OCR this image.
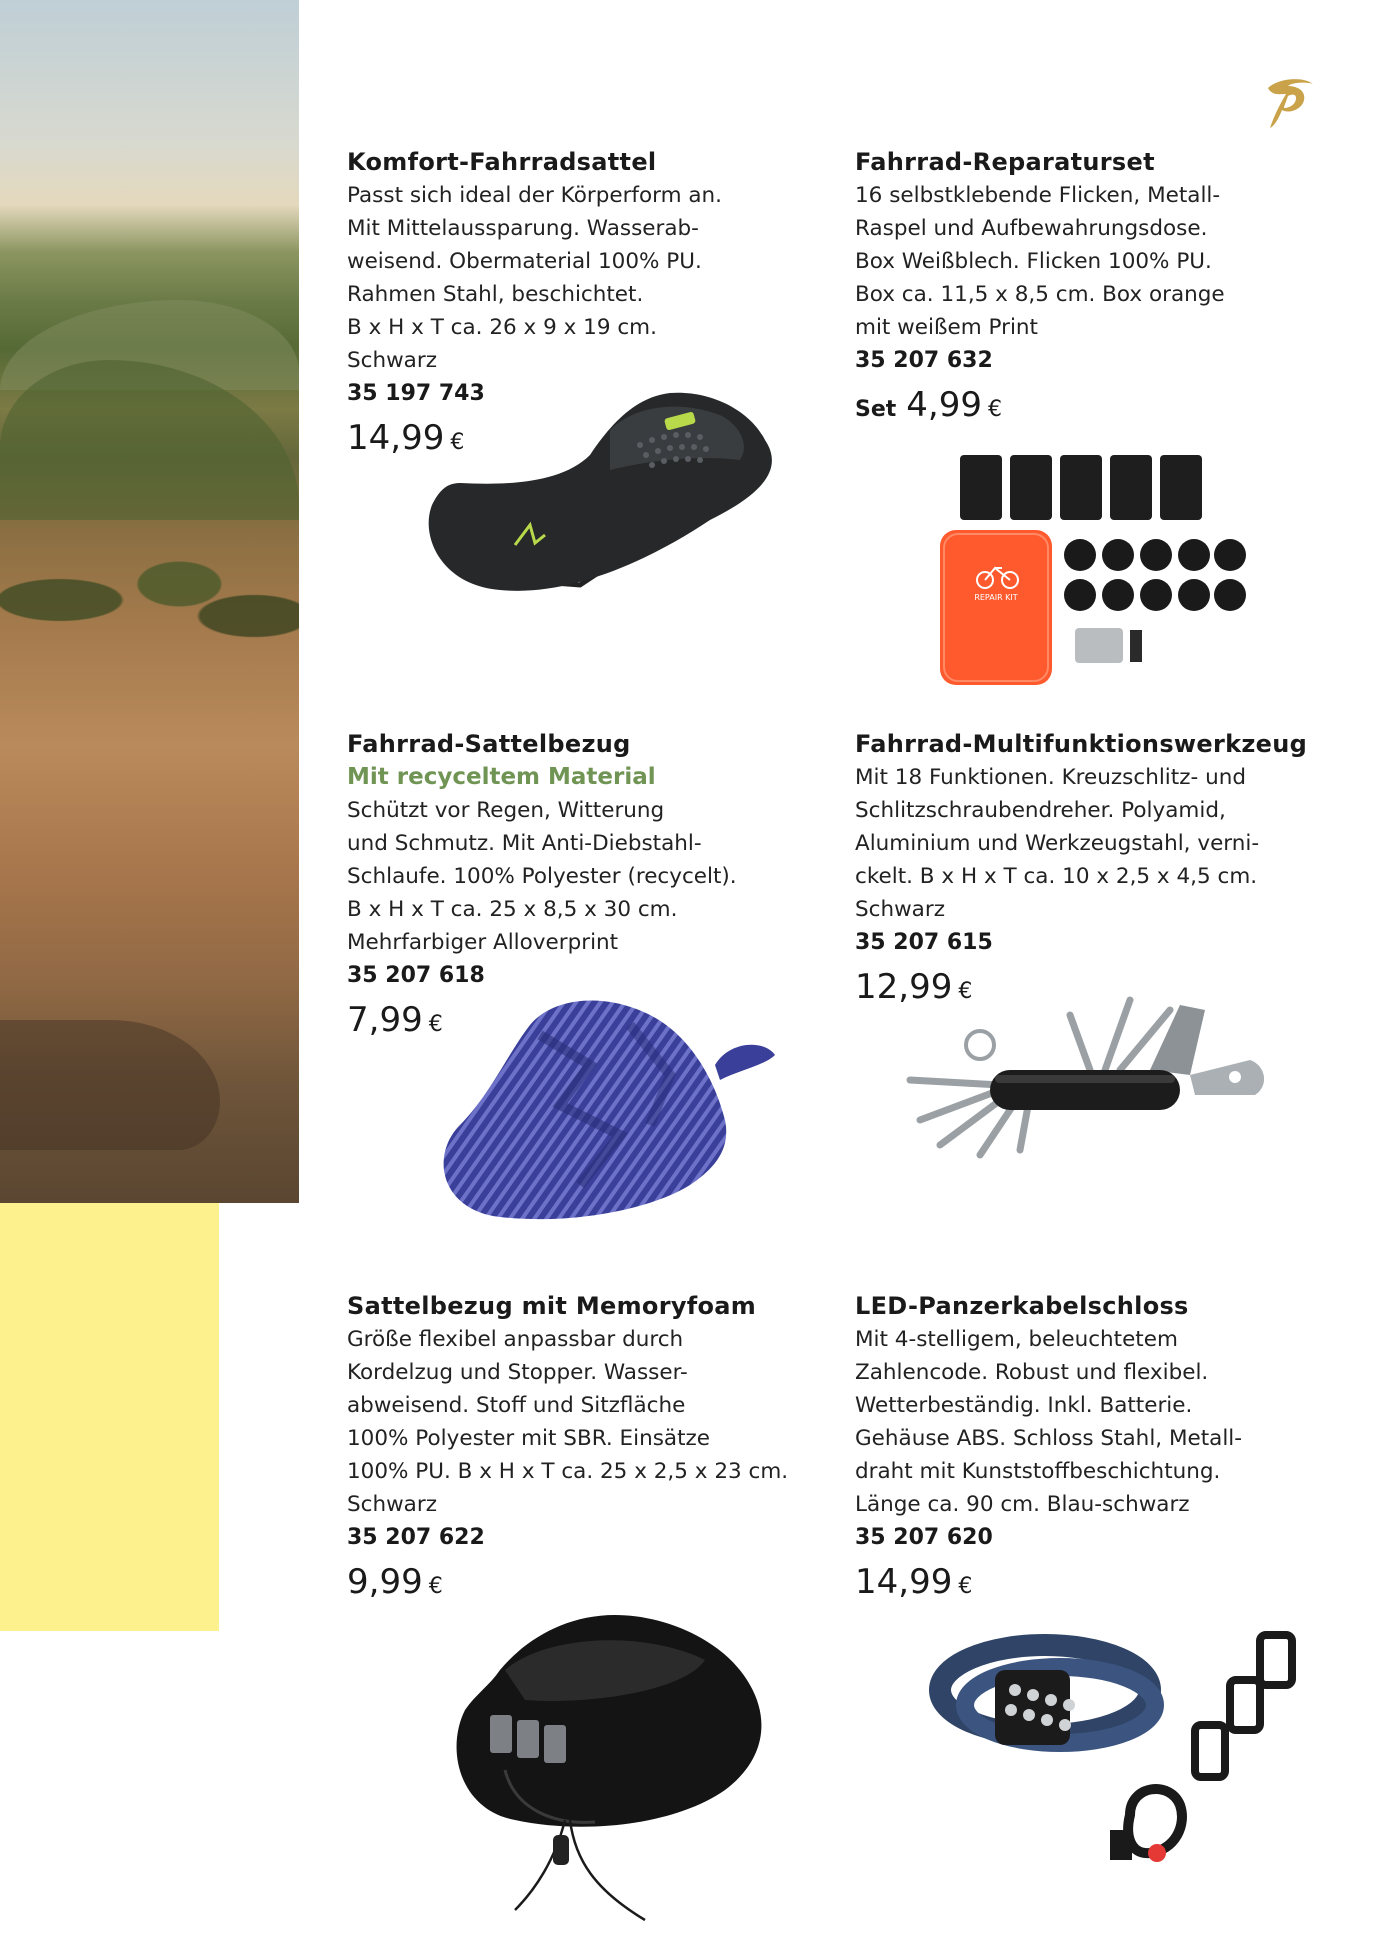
Komfort-Fahrradsattel
Passt sich ideal der Körperform an.
Mit Mittelaussparung. Wasserab-
weisend. Obermaterial 100% PU.
Rahmen Stahl, beschichtet.
B x H x T ca. 26 x 9 x 19 cm.
Schwarz
35 197 743
14,99 €
Fahrrad-Reparaturset
16 selbstklebende Flicken, Metall-
Raspel und Aufbewahrungsdose.
Box Weißblech. Flicken 100% PU.
Box ca. 11,5 x 8,5 cm. Box orange
mit weißem Print
35 207 632
Set 4,99 €
REPAIR KIT
Fahrrad-Sattelbezug
Mit recyceltem Material
Schützt vor Regen, Witterung
und Schmutz. Mit Anti-Diebstahl-
Schlaufe. 100% Polyester (recycelt).
B x H x T ca. 25 x 8,5 x 30 cm.
Mehrfarbiger Alloverprint
35 207 618
7,99 €
Fahrrad-Multifunktionswerkzeug
Mit 18 Funktionen. Kreuzschlitz- und
Schlitzschraubendreher. Polyamid,
Aluminium und Werkzeugstahl, verni-
ckelt. B x H x T ca. 10 x 2,5 x 4,5 cm.
Schwarz
35 207 615
12,99 €
Sattelbezug mit Memoryfoam
Größe flexibel anpassbar durch
Kordelzug und Stopper. Wasser-
abweisend. Stoff und Sitzfläche
100% Polyester mit SBR. Einsätze
100% PU. B x H x T ca. 25 x 2,5 x 23 cm.
Schwarz
35 207 622
9,99 €
LED-Panzerkabelschloss
Mit 4-stelligem, beleuchtetem
Zahlencode. Robust und flexibel.
Wetterbeständig. Inkl. Batterie.
Gehäuse ABS. Schloss Stahl, Metall-
draht mit Kunststoffbeschichtung.
Länge ca. 90 cm. Blau-schwarz
35 207 620
14,99 €
